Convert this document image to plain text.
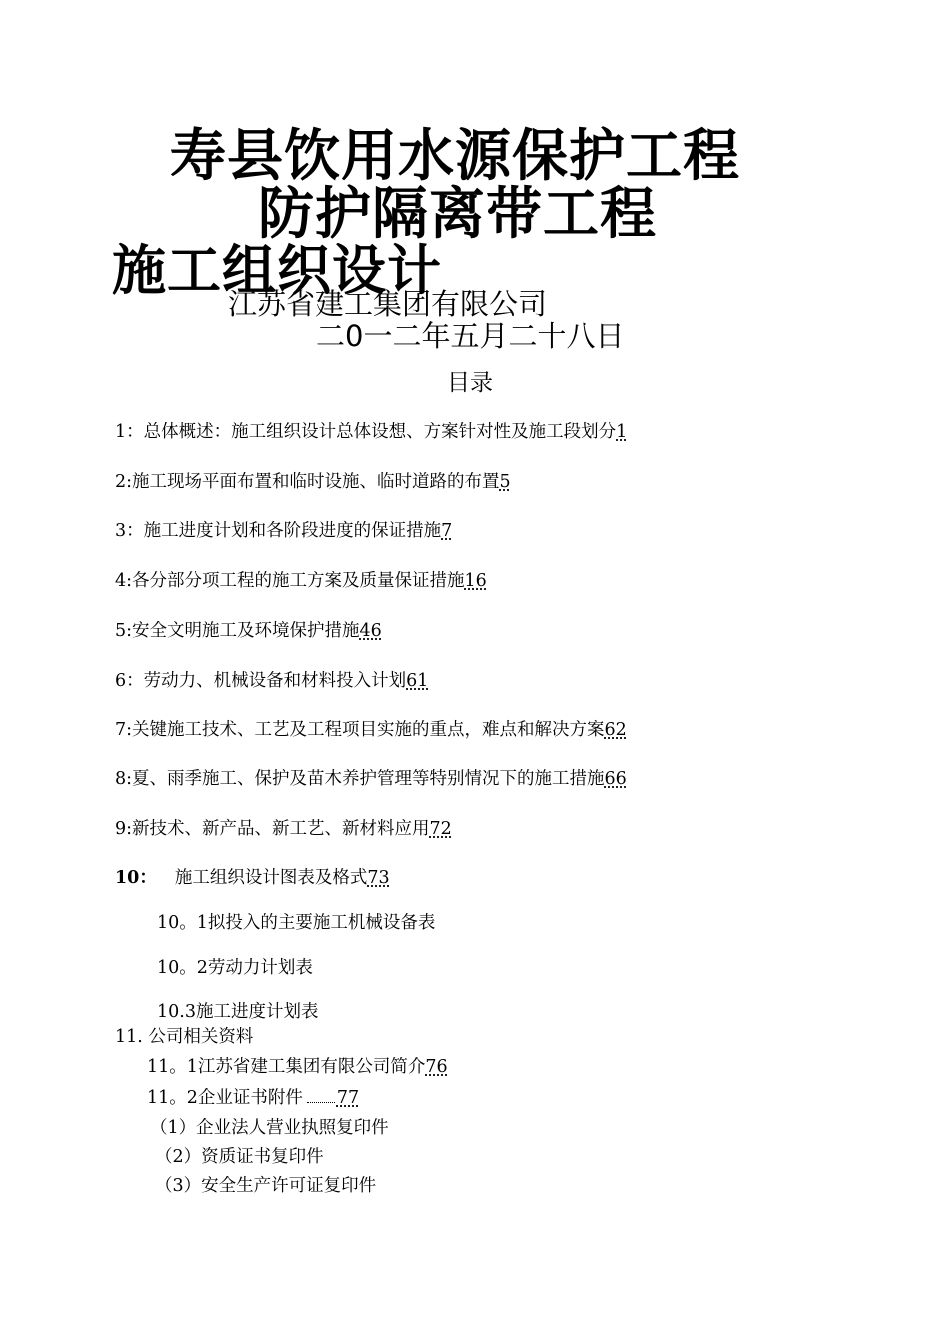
寿县饮用水源保护工程
防护隔离带工程
施工组织设计
江苏省建工集团有限公司
二0一二年五月二十八日
目录
1：总体概述：施工组织设计总体设想、方案针对性及施工段划分1
2:施工现场平面布置和临时设施、临时道路的布置5
3：施工进度计划和各阶段进度的保证措施7
4:各分部分项工程的施工方案及质量保证措施16
5:安全文明施工及环境保护措施46
6：劳动力、机械设备和材料投入计划61
7:关键施工技术、工艺及工程项目实施的重点，难点和解决方案62
8:夏、雨季施工、保护及苗木养护管理等特别情况下的施工措施66
9:新技术、新产品、新工艺、新材料应用72
10： 施工组织设计图表及格式73
10。1拟投入的主要施工机械设备表
10。2劳动力计划表
10.3施工进度计划表
11. 公司相关资料
11。1江苏省建工集团有限公司简介76
11。2企业证书附件 77
（1）企业法人营业执照复印件
（2）资质证书复印件
（3）安全生产许可证复印件
